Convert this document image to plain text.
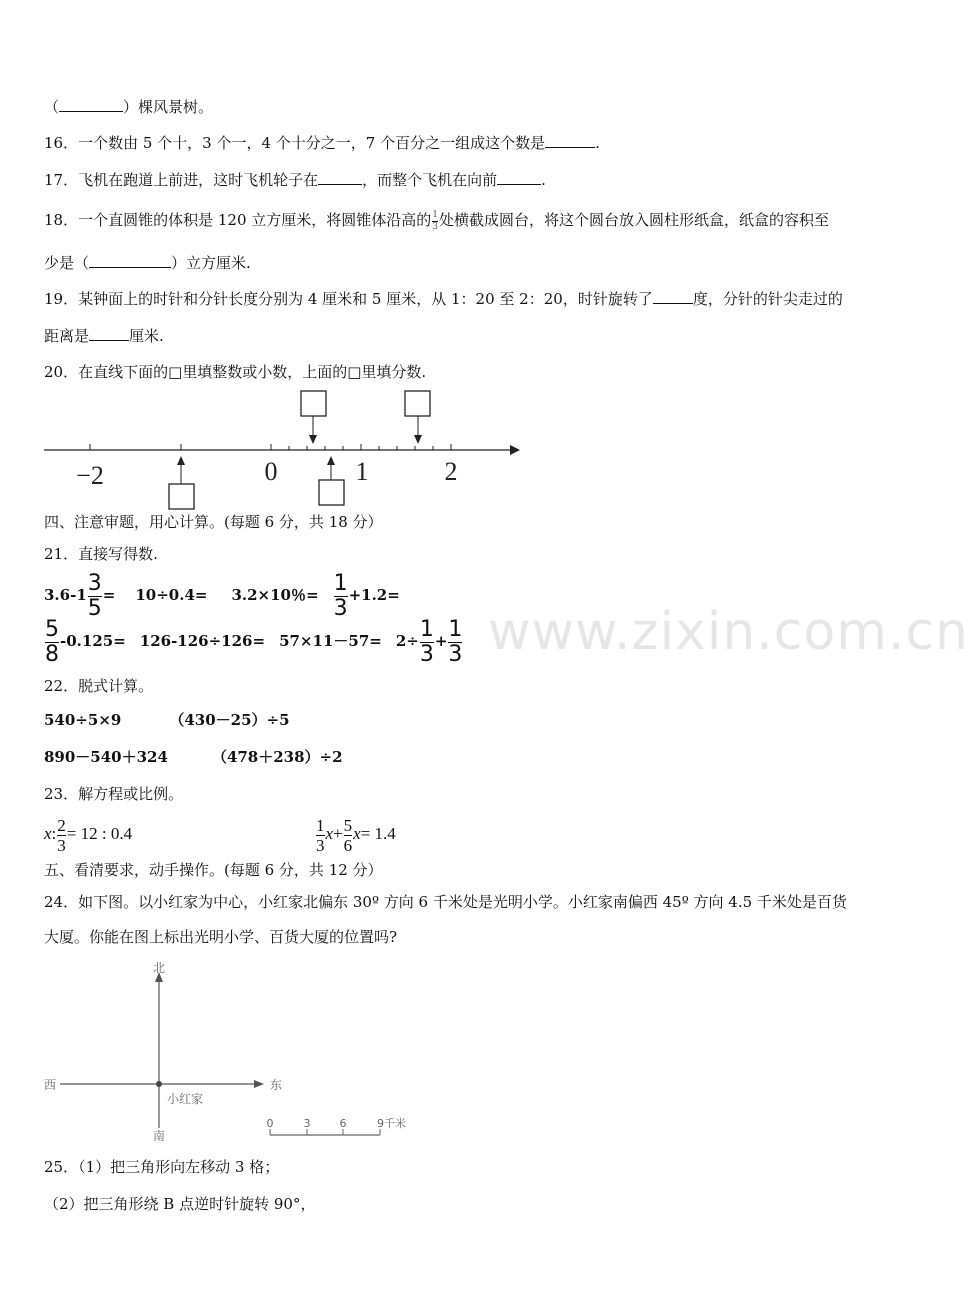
www.zixin.com.cn
（	）棵风景树。
16．一个数由 5 个十，3 个一，4 个十分之一，7 个百分之一组成这个数是	.
17．飞机在跑道上前进，这时飞机轮子在	，而整个飞机在向前	.
18．一个直圆锥的体积是 120 立方厘米，将圆锥体沿高的 $\frac{1}{3}$ 处横截成圆台，将这个圆台放入圆柱形纸盒，纸盒的容积至
少是（	）立方厘米.
19．某钟面上的时针和分针长度分别为 4 厘米和 5 厘米，从 1：20 至 2：20，时针旋转了	度，分针的针尖走过的
距离是	厘米.
20．在直线下面的□里填整数或小数，上面的□里填分数.
−2	0	1	2
四、注意审题，用心计算。(每题 6 分，共 18 分）
21．直接写得数.
$3.6-1 \frac{3}{5} = 10\div 0.4= 3.2\times 10$％= $\frac{1}{3} +1.2=$
$\frac{5}{8} -0.125= 126-126\div 126= 57\times 11-57= 2\div \frac{1}{3} + \frac{1}{3}$
22．脱式计算。
540÷5×9	（430－25）÷5
890－540＋324	（478＋238）÷2
23．解方程或比例。
x: $\frac{2}{3} = 12$ : 0.4	$\frac{1}{3} x+ \frac{5}{6} x= 1.4$
五、看清要求，动手操作。(每题 6 分，共 12 分）
24．如下图。以小红家为中心，小红家北偏东 30º 方向 6 千米处是光明小学。小红家南偏西 45º 方向 4.5 千米处是百货
大厦。你能在图上标出光明小学、百货大厦的位置吗?
北
南
东
西
小红家
0	3	6	9千米
25．（1）把三角形向左移动 3 格；
（2）把三角形绕 B 点逆时针旋转 90°，
